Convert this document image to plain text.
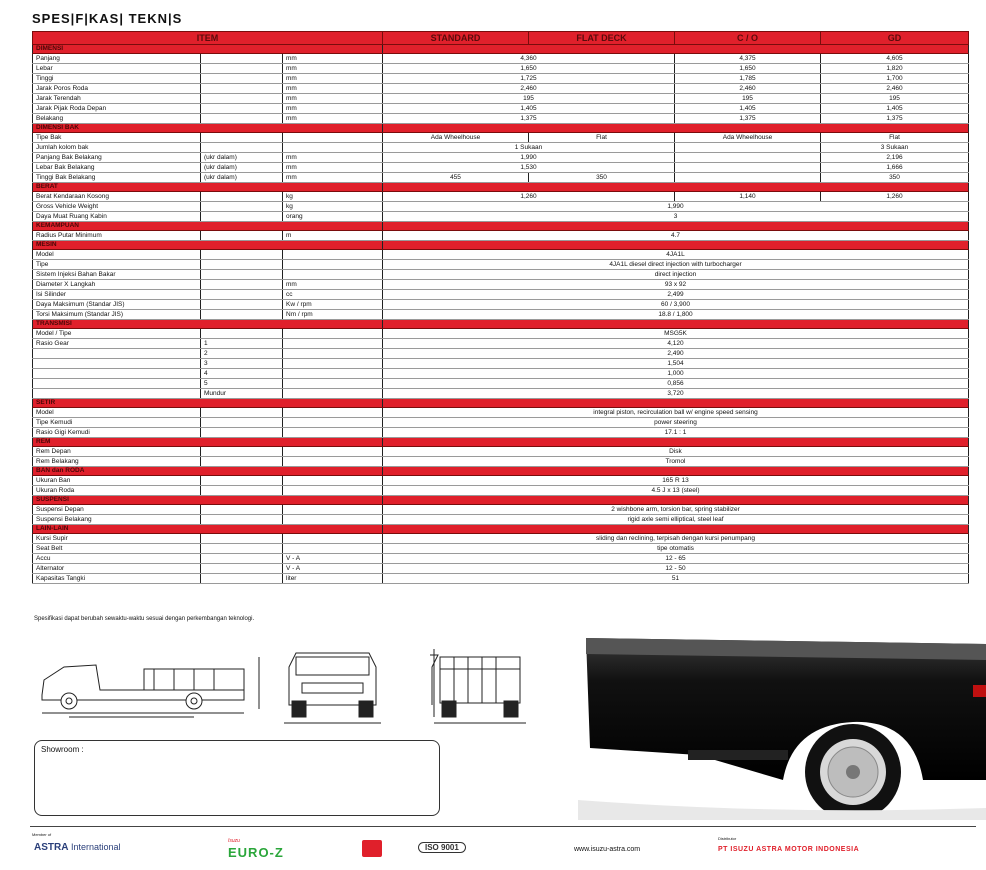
SPES|F|KAS| TEKN|S
ITEM			STANDARD	FLAT DECK	C / O	GD
DIMENSI						
Panjang		mm	4,360		4,375	4,605
Lebar		mm	1,650		1,650	1,820
Tinggi		mm	1,725		1,785	1,700
Jarak Poros Roda		mm	2,460		2,460	2,460
Jarak Terendah		mm	195		195	195
Jarak Pijak Roda Depan		mm	1,405		1,405	1,405
Belakang		mm	1,375		1,375	1,375
DIMENSI BAK						
Tipe Bak			Ada Wheelhouse	Flat	Ada Wheelhouse	Flat
Jumlah kolom bak			1 Sukaan			3 Sukaan
Panjang Bak Belakang	(ukr dalam)	mm	1,990			2,196
Lebar Bak Belakang	(ukr dalam)	mm	1,530			1,666
Tinggi Bak Belakang	(ukr dalam)	mm	455	350		350
BERAT						
Berat Kendaraan Kosong		kg	1,260		1,140	1,260
Gross Vehicle Weight		kg	1,990			
Daya Muat Ruang Kabin		orang	3			
KEMAMPUAN						
Radius Putar Minimum		m	4.7			
MESIN						
Model			4JA1L			
Tipe			4JA1L diesel direct injection with turbocharger			
Sistem Injeksi Bahan Bakar			direct injection			
Diameter X Langkah		mm	93 x 92			
Isi Silinder		cc	2,499			
Daya Maksimum (Standar JIS)		Kw / rpm	60 / 3,900			
Torsi Maksimum (Standar JIS)		Nm / rpm	18.8 / 1,800			
TRANSMISI						
Model / Tipe			MSG5K			
Rasio Gear	1		4,120			
	2		2,490			
	3		1,504			
	4		1,000			
	5		0,856			
	Mundur		3,720			
SETIR						
Model			integral piston, recirculation ball w/ engine speed sensing			
Tipe Kemudi			power steering			
Rasio Gigi Kemudi			17.1 : 1			
REM						
Rem Depan			Disk			
Rem Belakang			Tromol			
BAN dan RODA						
Ukuran Ban			165 R 13			
Ukuran Roda			4.5 J x 13 (steel)			
SUSPENSI						
Suspensi Depan			2 wishbone arm, torsion bar, spring stabilizer			
Suspensi Belakang			rigid axle semi elliptical, steel leaf			
LAIN-LAIN						
Kursi Supir			sliding dan reclining, terpisah dengan kursi penumpang			
Seat Belt			tipe otomatis			
Accu		V - A	12 - 65			
Alternator		V - A	12 - 50			
Kapasitas Tangki		liter	51			
Spesifikasi dapat berubah sewaktu-waktu sesuai dengan perkembangan teknologi.
Showroom :
Member of
ASTRA International
Isuzu
EURO-Z	ISO 9001	www.isuzu-astra.com
Distributor
PT ISUZU ASTRA MOTOR INDONESIA
